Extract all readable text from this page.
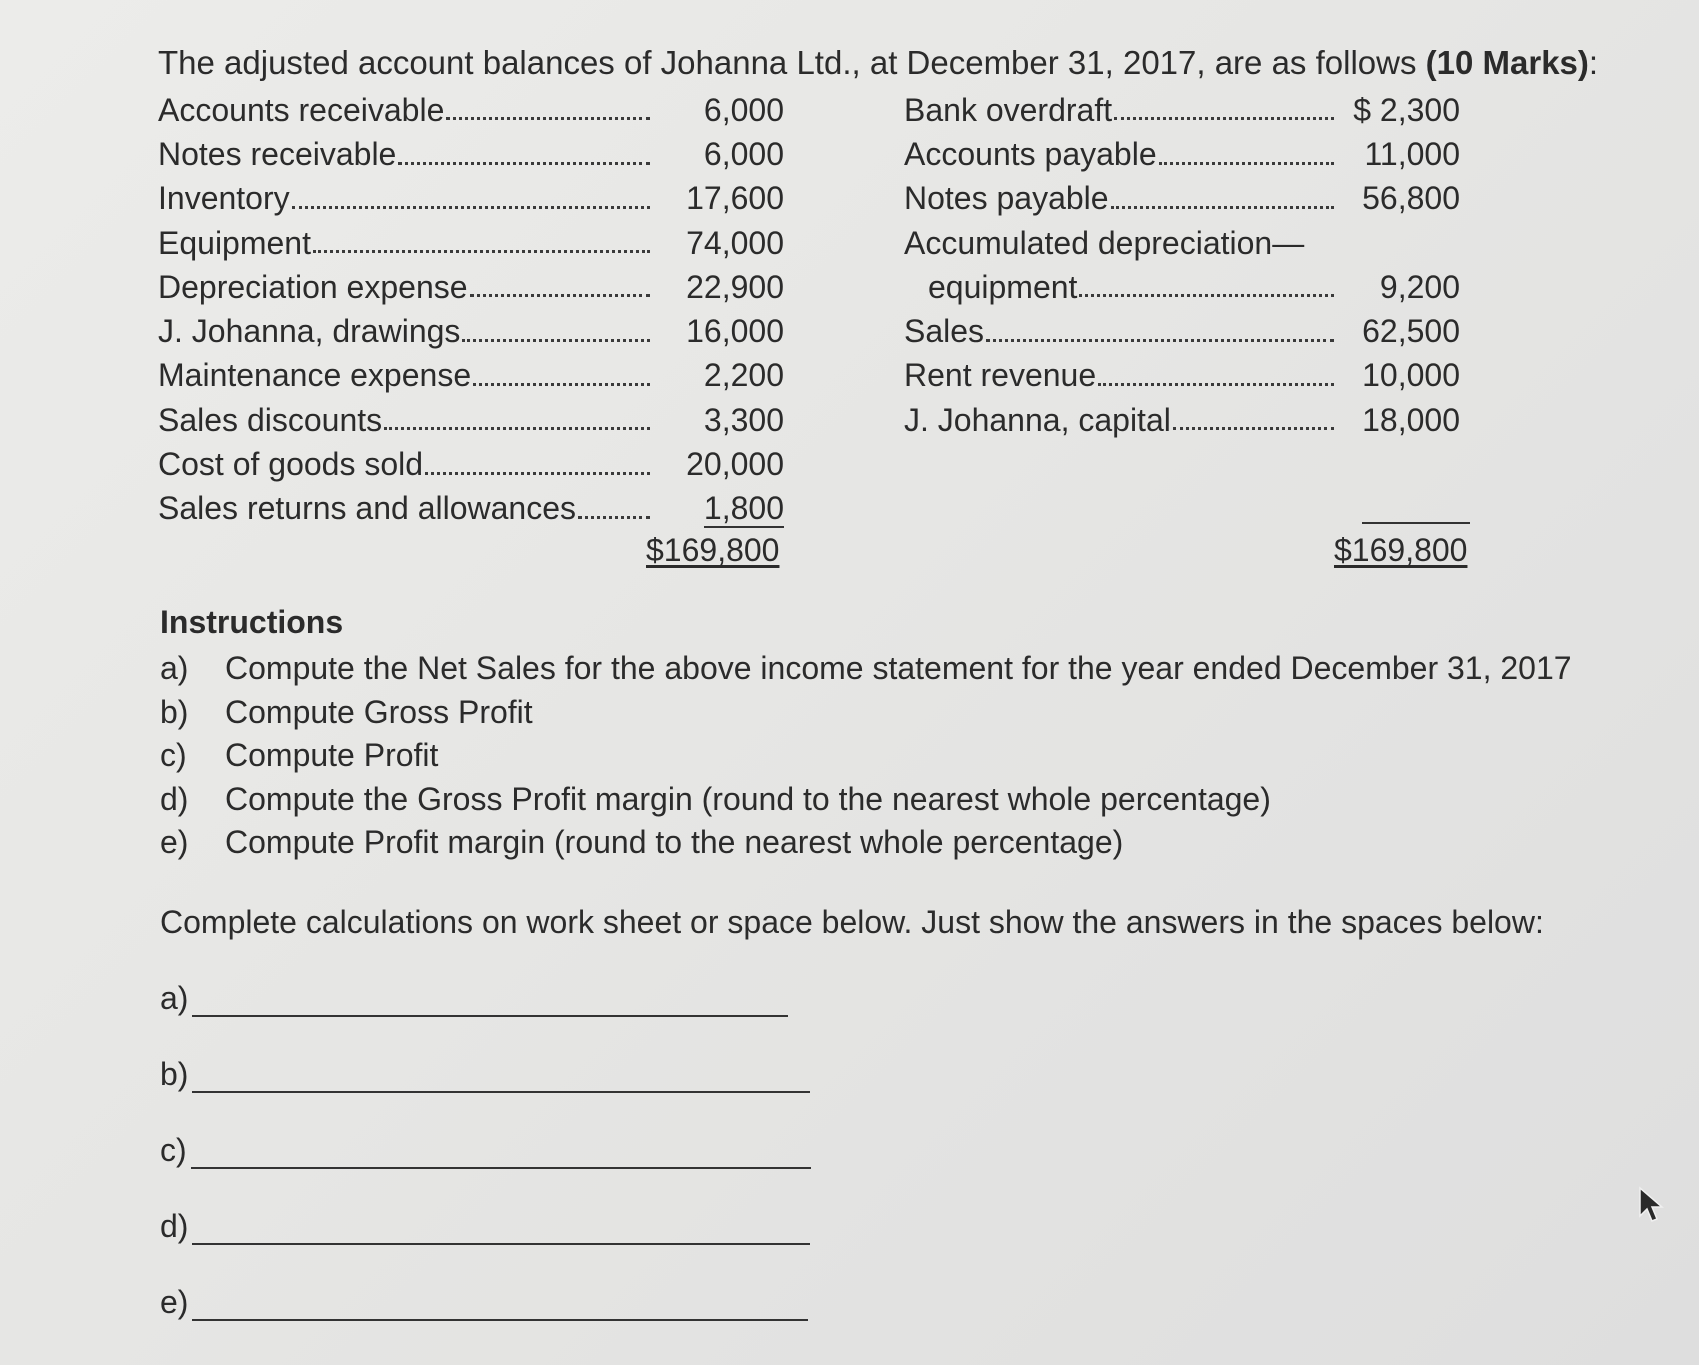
The adjusted account balances of Johanna Ltd., at December 31, 2017, are as follows (10 Marks):
Accounts receivable	6,000
Notes receivable	6,000
Inventory	17,600
Equipment	74,000
Depreciation expense	22,900
J. Johanna, drawings	16,000
Maintenance expense	2,200
Sales discounts	3,300
Cost of goods sold	20,000
Sales returns and allowances	1,800
$169,800
Bank overdraft	$ 2,300
Accounts payable	11,000
Notes payable	56,800
Accumulated depreciation—
equipment	9,200
Sales	62,500
Rent revenue	10,000
J. Johanna, capital	18,000
$169,800
Instructions
a)	Compute the Net Sales for the above income statement for the year ended December 31, 2017
b)	Compute Gross Profit
c)	Compute Profit
d)	Compute the Gross Profit margin (round to the nearest whole percentage)
e)	Compute Profit margin (round to the nearest whole percentage)
Complete calculations on work sheet or space below. Just show the answers in the spaces below:
a)
b)
c)
d)
e)
